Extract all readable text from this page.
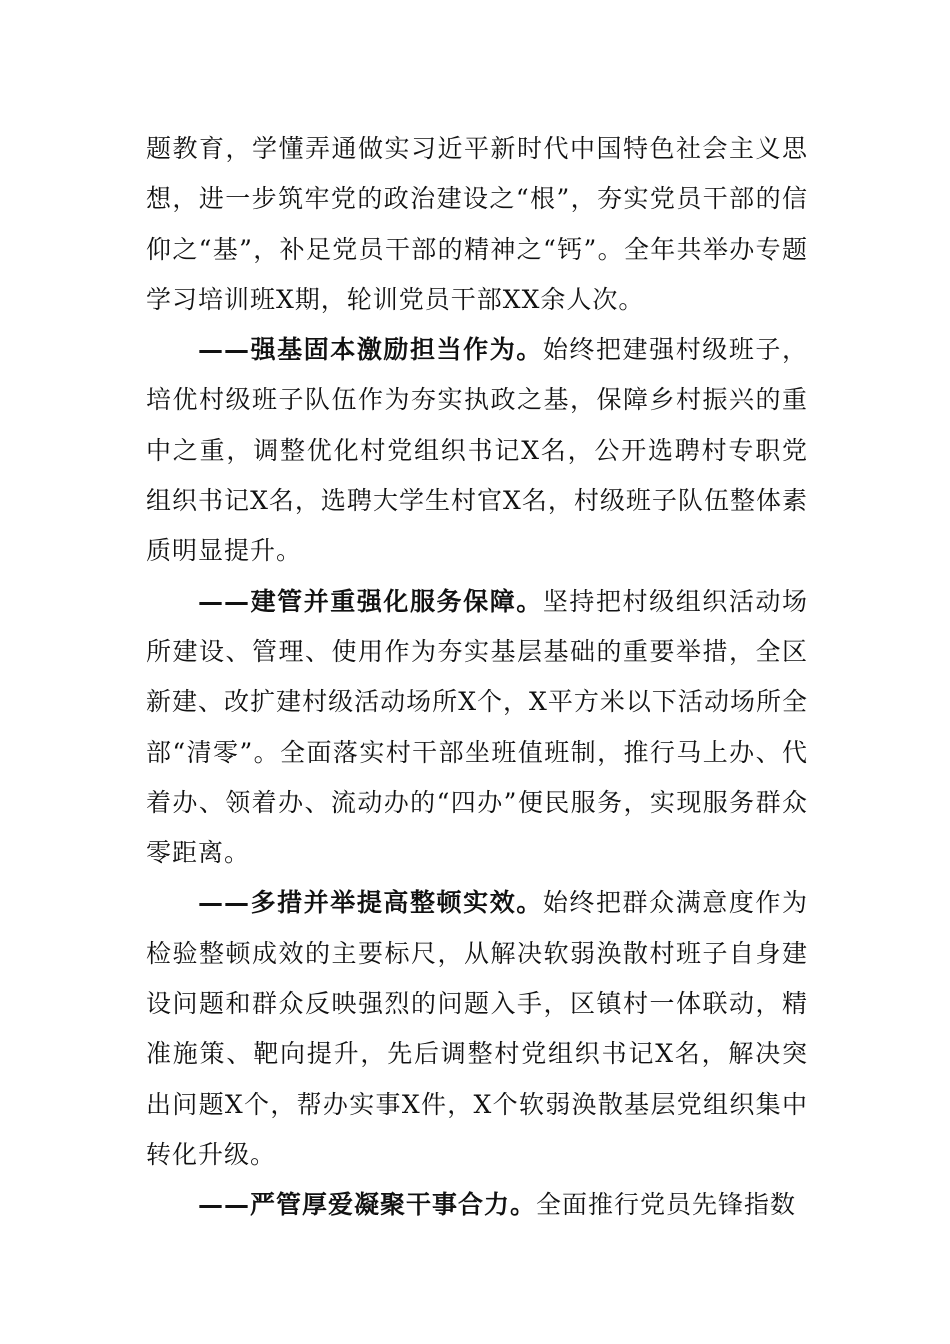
题教育，学懂弄通做实习近平新时代中国特色社会主义思想，进一步筑牢党的政治建设之“根”，夯实党员干部的信仰之“基”，补足党员干部的精神之“钙”。全年共举办专题学习培训班X期，轮训党员干部XX余人次。

——强基固本激励担当作为。始终把建强村级班子，培优村级班子队伍作为夯实执政之基，保障乡村振兴的重中之重，调整优化村党组织书记X名，公开选聘村专职党组织书记X名，选聘大学生村官X名，村级班子队伍整体素质明显提升。

——建管并重强化服务保障。坚持把村级组织活动场所建设、管理、使用作为夯实基层基础的重要举措，全区新建、改扩建村级活动场所X个，X平方米以下活动场所全部“清零”。全面落实村干部坐班值班制，推行马上办、代着办、领着办、流动办的“四办”便民服务，实现服务群众零距离。

——多措并举提高整顿实效。始终把群众满意度作为检验整顿成效的主要标尺，从解决软弱涣散村班子自身建设问题和群众反映强烈的问题入手，区镇村一体联动，精准施策、靶向提升，先后调整村党组织书记X名，解决突出问题X个，帮办实事X件，X个软弱涣散基层党组织集中转化升级。

——严管厚爱凝聚干事合力。全面推行党员先锋指数
